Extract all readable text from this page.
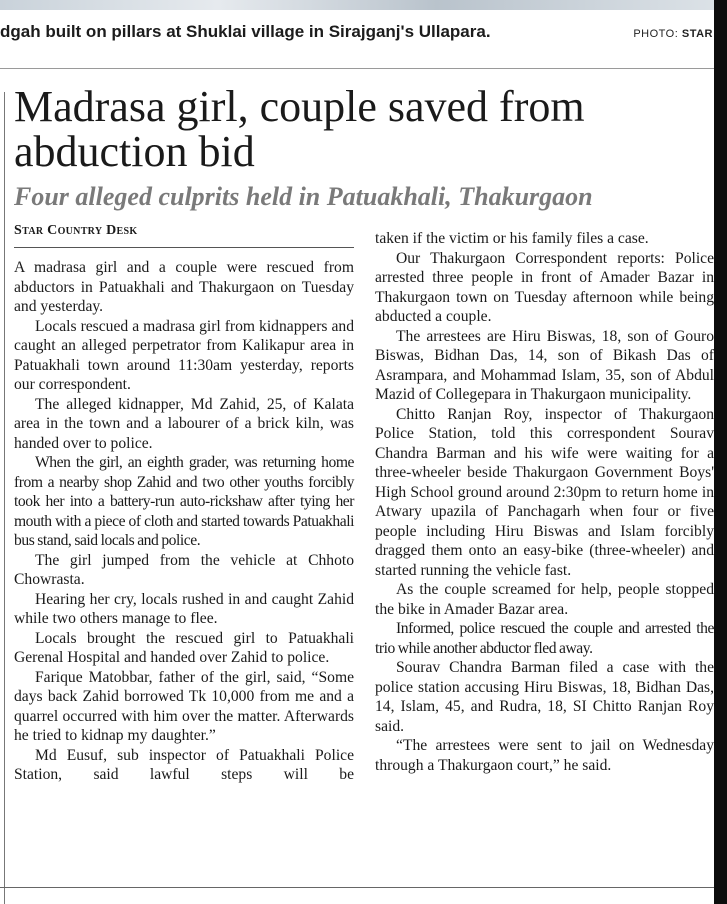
dgah built on pillars at Shuklai village in Sirajganj's Ullapara.	PHOTO: STAR
Madrasa girl, couple saved from abduction bid
Four alleged culprits held in Patuakhali, Thakurgaon
Star Country Desk

A madrasa girl and a couple were rescued from abductors in Patuakhali and Thakurgaon on Tuesday and yesterday.

Locals rescued a madrasa girl from kidnappers and caught an alleged perpetrator from Kalikapur area in Patuakhali town around 11:30am yesterday, reports our correspondent.

The alleged kidnapper, Md Zahid, 25, of Kalata area in the town and a labourer of a brick kiln, was handed over to police.

When the girl, an eighth grader, was returning home from a nearby shop Zahid and two other youths forcibly took her into a battery-run auto-rickshaw after tying her mouth with a piece of cloth and started towards Patuakhali bus stand, said locals and police.

The girl jumped from the vehicle at Chhoto Chowrasta.

Hearing her cry, locals rushed in and caught Zahid while two others manage to flee.

Locals brought the rescued girl to Patuakhali Gerenal Hospital and handed over Zahid to police.

Farique Matobbar, father of the girl, said, “Some days back Zahid borrowed Tk 10,000 from me and a quarrel occurred with him over the matter. Afterwards he tried to kidnap my daughter.”

Md Eusuf, sub inspector of Patuakhali Police Station, said lawful steps will be

taken if the victim or his family files a case.

Our Thakurgaon Correspondent reports: Police arrested three people in front of Amader Bazar in Thakurgaon town on Tuesday afternoon while being abducted a couple.

The arrestees are Hiru Biswas, 18, son of Gouro Biswas, Bidhan Das, 14, son of Bikash Das of Asrampara, and Mohammad Islam, 35, son of Abdul Mazid of Collegepara in Thakurgaon municipality.

Chitto Ranjan Roy, inspector of Thakurgaon Police Station, told this correspondent Sourav Chandra Barman and his wife were waiting for a three-wheeler beside Thakurgaon Government Boys' High School ground around 2:30pm to return home in Atwary upazila of Panchagarh when four or five people including Hiru Biswas and Islam forcibly dragged them onto an easy-bike (three-wheeler) and started running the vehicle fast.

As the couple screamed for help, people stopped the bike in Amader Bazar area.

Informed, police rescued the couple and arrested the trio while another abductor fled away.

Sourav Chandra Barman filed a case with the police station accusing Hiru Biswas, 18, Bidhan Das, 14, Islam, 45, and Rudra, 18, SI Chitto Ranjan Roy said.

“The arrestees were sent to jail on Wednesday through a Thakurgaon court,” he said.
